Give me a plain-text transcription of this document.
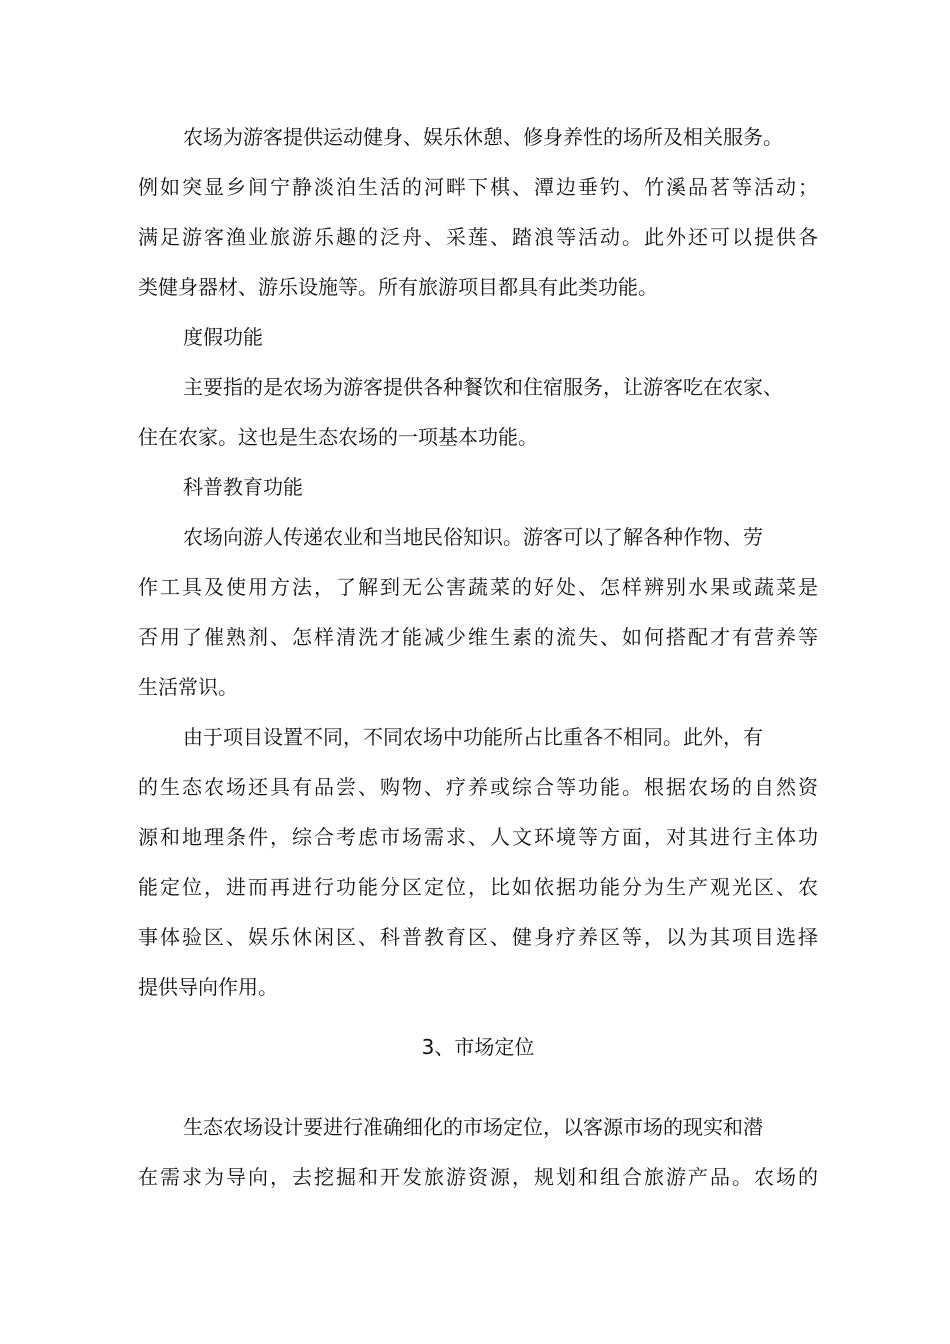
农场为游客提供运动健身、娱乐休憩、修身养性的场所及相关服务。
例如突显乡间宁静淡泊生活的河畔下棋、潭边垂钓、竹溪品茗等活动；
满足游客渔业旅游乐趣的泛舟、采莲、踏浪等活动。此外还可以提供各
类健身器材、游乐设施等。所有旅游项目都具有此类功能。
度假功能
主要指的是农场为游客提供各种餐饮和住宿服务，让游客吃在农家、
住在农家。这也是生态农场的一项基本功能。
科普教育功能
农场向游人传递农业和当地民俗知识。游客可以了解各种作物、劳
作工具及使用方法，了解到无公害蔬菜的好处、怎样辨别水果或蔬菜是
否用了催熟剂、怎样清洗才能减少维生素的流失、如何搭配才有营养等
生活常识。
由于项目设置不同，不同农场中功能所占比重各不相同。此外，有
的生态农场还具有品尝、购物、疗养或综合等功能。根据农场的自然资
源和地理条件，综合考虑市场需求、人文环境等方面，对其进行主体功
能定位，进而再进行功能分区定位，比如依据功能分为生产观光区、农
事体验区、娱乐休闲区、科普教育区、健身疗养区等，以为其项目选择
提供导向作用。
3、市场定位
生态农场设计要进行准确细化的市场定位，以客源市场的现实和潜
在需求为导向，去挖掘和开发旅游资源，规划和组合旅游产品。农场的
